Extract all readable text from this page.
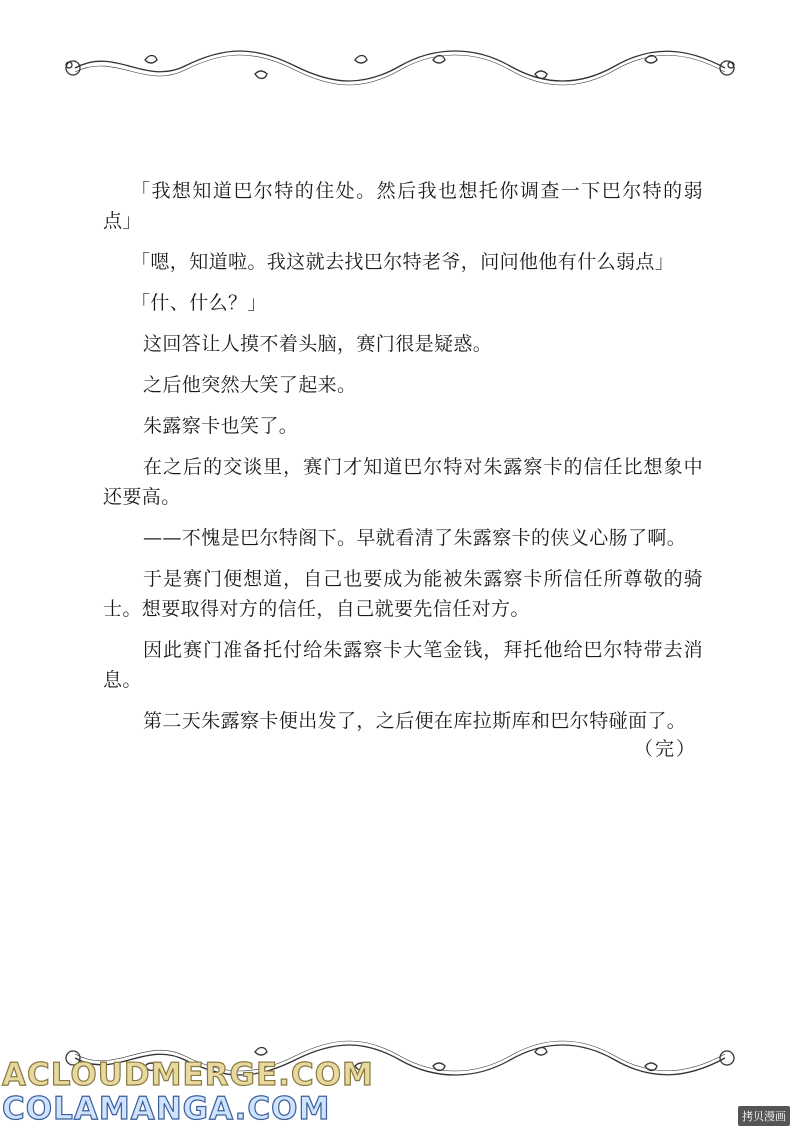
「我想知道巴尔特的住处。然后我也想托你调查一下巴尔特的弱点」

「嗯，知道啦。我这就去找巴尔特老爷，问问他他有什么弱点」

「什、什么？」

这回答让人摸不着头脑，赛门很是疑惑。

之后他突然大笑了起来。

朱露察卡也笑了。

在之后的交谈里，赛门才知道巴尔特对朱露察卡的信任比想象中还要高。

——不愧是巴尔特阁下。早就看清了朱露察卡的侠义心肠了啊。

于是赛门便想道，自己也要成为能被朱露察卡所信任所尊敬的骑士。想要取得对方的信任，自己就要先信任对方。

因此赛门准备托付给朱露察卡大笔金钱，拜托他给巴尔特带去消息。

第二天朱露察卡便出发了，之后便在库拉斯库和巴尔特碰面了。

（完）
ACLOUDMERGE.COM
COLAMANGA.COM	拷贝漫画
